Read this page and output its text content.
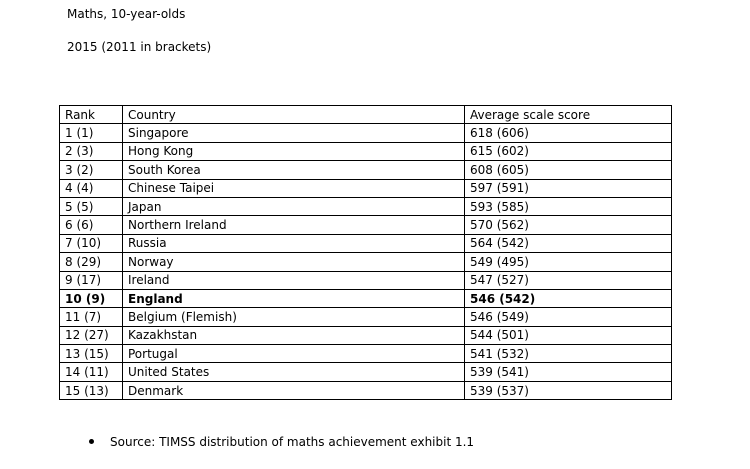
Maths, 10-year-olds
2015 (2011 in brackets)
Rank	Country	Average scale score
1 (1)	Singapore	618 (606)
2 (3)	Hong Kong	615 (602)
3 (2)	South Korea	608 (605)
4 (4)	Chinese Taipei	597 (591)
5 (5)	Japan	593 (585)
6 (6)	Northern Ireland	570 (562)
7 (10)	Russia	564 (542)
8 (29)	Norway	549 (495)
9 (17)	Ireland	547 (527)
10 (9)	England	546 (542)
11 (7)	Belgium (Flemish)	546 (549)
12 (27)	Kazakhstan	544 (501)
13 (15)	Portugal	541 (532)
14 (11)	United States	539 (541)
15 (13)	Denmark	539 (537)
Source: TIMSS distribution of maths achievement exhibit 1.1
